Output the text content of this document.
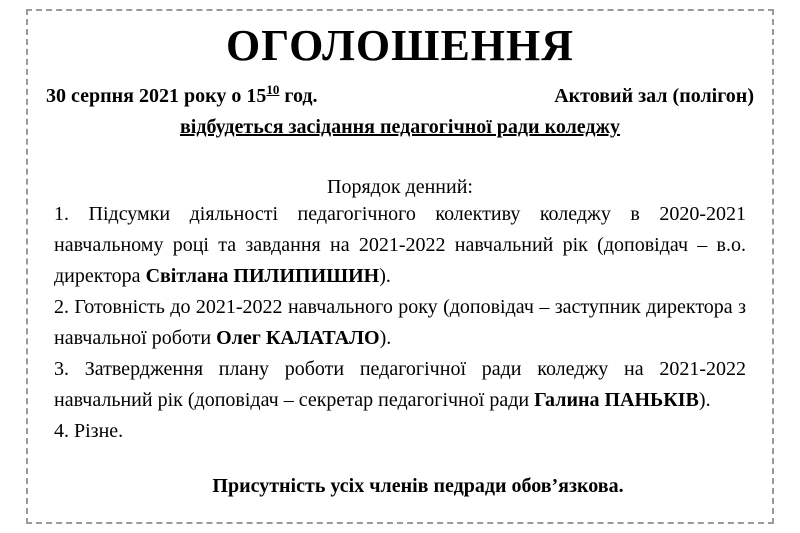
ОГОЛОШЕННЯ
30 серпня 2021 року о $15^{10}$ год.	Актовий зал (полігон)
відбудеться засідання педагогічної ради коледжу
Порядок денний:
1. Підсумки діяльності педагогічного колективу коледжу в 2020-2021 навчальному році та завдання на 2021-2022 навчальний рік (доповідач – в.о. директора Світлана ПИЛИПИШИН).
2. Готовність до 2021-2022 навчального року (доповідач – заступник директора з навчальної роботи Олег КАЛАТАЛО).
3. Затвердження плану роботи педагогічної ради коледжу на 2021-2022 навчальний рік (доповідач – секретар педагогічної ради Галина ПАНЬКІВ).
4. Різне.
Присутність усіх членів педради обов’язкова.
